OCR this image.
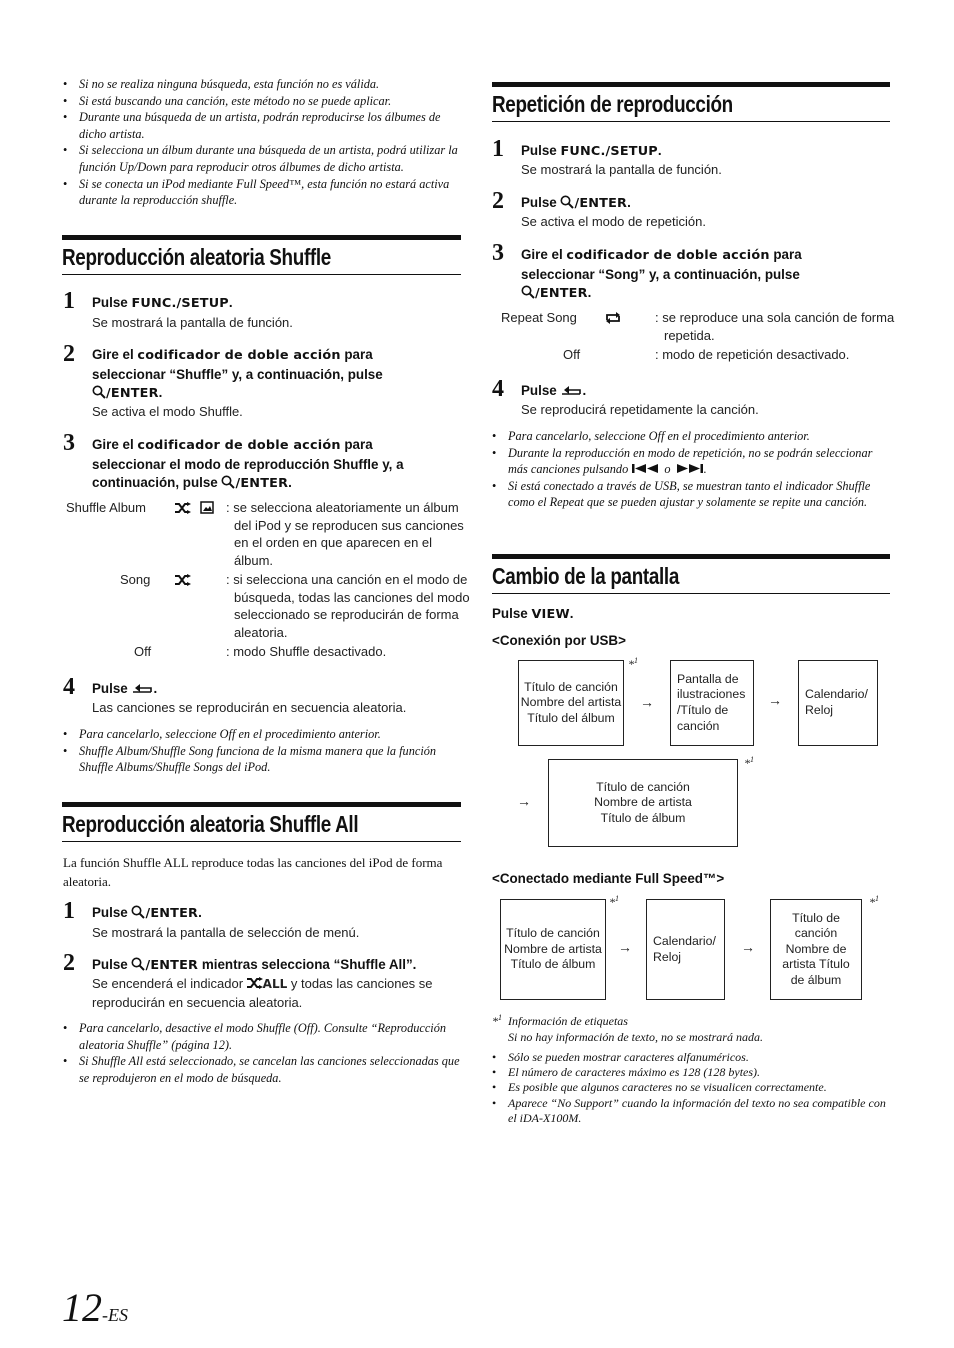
• Si no se realiza ninguna búsqueda, esta función no es válida.
• Si está buscando una canción, este método no se puede aplicar.
• Durante una búsqueda de un artista, podrán reproducirse los álbumes de dicho artista.
• Si selecciona un álbum durante una búsqueda de un artista, podrá utilizar la función Up/Down para reproducir otros álbumes de dicho artista.
• Si se conecta un iPod mediante Full Speed™, esta función no estará activa durante la reproducción shuffle.
Reproducción aleatoria Shuffle
1 Pulse FUNC./SETUP.
Se mostrará la pantalla de función.
2 Gire el codificador de doble acción para
seleccionar “Shuffle” y, a continuación, pulse
/ENTER.
Se activa el modo Shuffle.
3 Gire el codificador de doble acción para
seleccionar el modo de reproducción Shuffle y, a
continuación, pulse /ENTER.
Shuffle Album	: se selecciona aleatoriamente un álbum del iPod y se reproducen sus canciones en el orden en que aparecen en el álbum.
Song	: si selecciona una canción en el modo de búsqueda, todas las canciones del modo seleccionado se reproducirán de forma aleatoria.
Off	: modo Shuffle desactivado.
4 Pulse .
Las canciones se reproducirán en secuencia aleatoria.
• Para cancelarlo, seleccione Off en el procedimiento anterior.
• Shuffle Album/Shuffle Song funciona de la misma manera que la función Shuffle Albums/Shuffle Songs del iPod.
Reproducción aleatoria Shuffle All
La función Shuffle ALL reproduce todas las canciones del iPod de forma aleatoria.
1 Pulse /ENTER.
Se mostrará la pantalla de selección de menú.
2 Pulse /ENTER mientras selecciona “Shuffle All”.
Se encenderá el indicador ALL y todas las canciones se reproducirán en secuencia aleatoria.
• Para cancelarlo, desactive el modo Shuffle (Off). Consulte “Reproducción aleatoria Shuffle” (página 12).
• Si Shuffle All está seleccionado, se cancelan las canciones seleccionadas que se reprodujeron en el modo de búsqueda.
Repetición de reproducción
1 Pulse FUNC./SETUP.
Se mostrará la pantalla de función.
2 Pulse /ENTER.
Se activa el modo de repetición.
3 Gire el codificador de doble acción para
seleccionar “Song” y, a continuación, pulse
/ENTER.
Repeat Song	: se reproduce una sola canción de forma repetida.
Off	: modo de repetición desactivado.
4 Pulse .
Se reproducirá repetidamente la canción.
• Para cancelarlo, seleccione Off en el procedimiento anterior.
• Durante la reproducción en modo de repetición, no se podrán seleccionar más canciones pulsando  o .
• Si está conectado a través de USB, se muestran tanto el indicador Shuffle como el Repeat que se pueden ajustar y solamente se repite una canción.
Cambio de la pantalla
Pulse VIEW.
<Conexión por USB>
Título de canción Nombre del artista Título del álbum
*$^1$
→
Pantalla de ilustraciones /Título de canción
→ Calendario/ Reloj
→
Título de canción Nombre de artista Título de álbum
*$^1$
<Conectado mediante Full Speed™>
Título de canción Nombre de artista Título de álbum
*$^1$
→ Calendario/ Reloj
→
Título de canción Nombre de artista Título de álbum
*$^1$
*$^1$ Información de etiquetas
Si no hay información de texto, no se mostrará nada.
• Sólo se pueden mostrar caracteres alfanuméricos.
• El número de caracteres máximo es 128 (128 bytes).
• Es posible que algunos caracteres no se visualicen correctamente.
• Aparece “No Support” cuando la información del texto no sea compatible con el iDA-X100M.
12-ES
